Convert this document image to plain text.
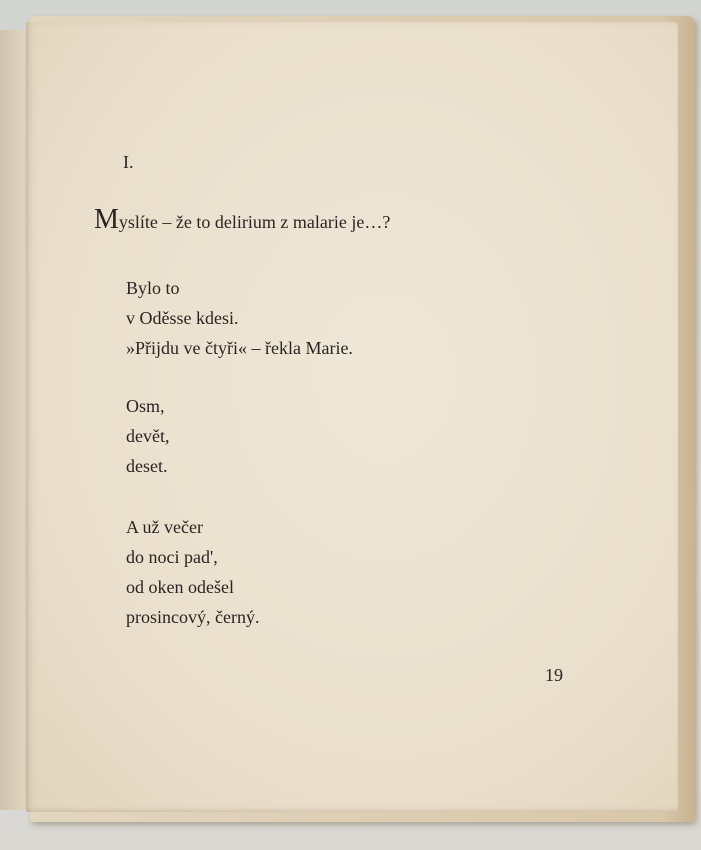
I.
Myslíte – že to delirium z malarie je…?
Bylo to
v Oděsse kdesi.
»Přijdu ve čtyři« – řekla Marie.
Osm,
devět,
deset.
A už večer
do noci pad',
od oken odešel
prosincový, černý.
19
